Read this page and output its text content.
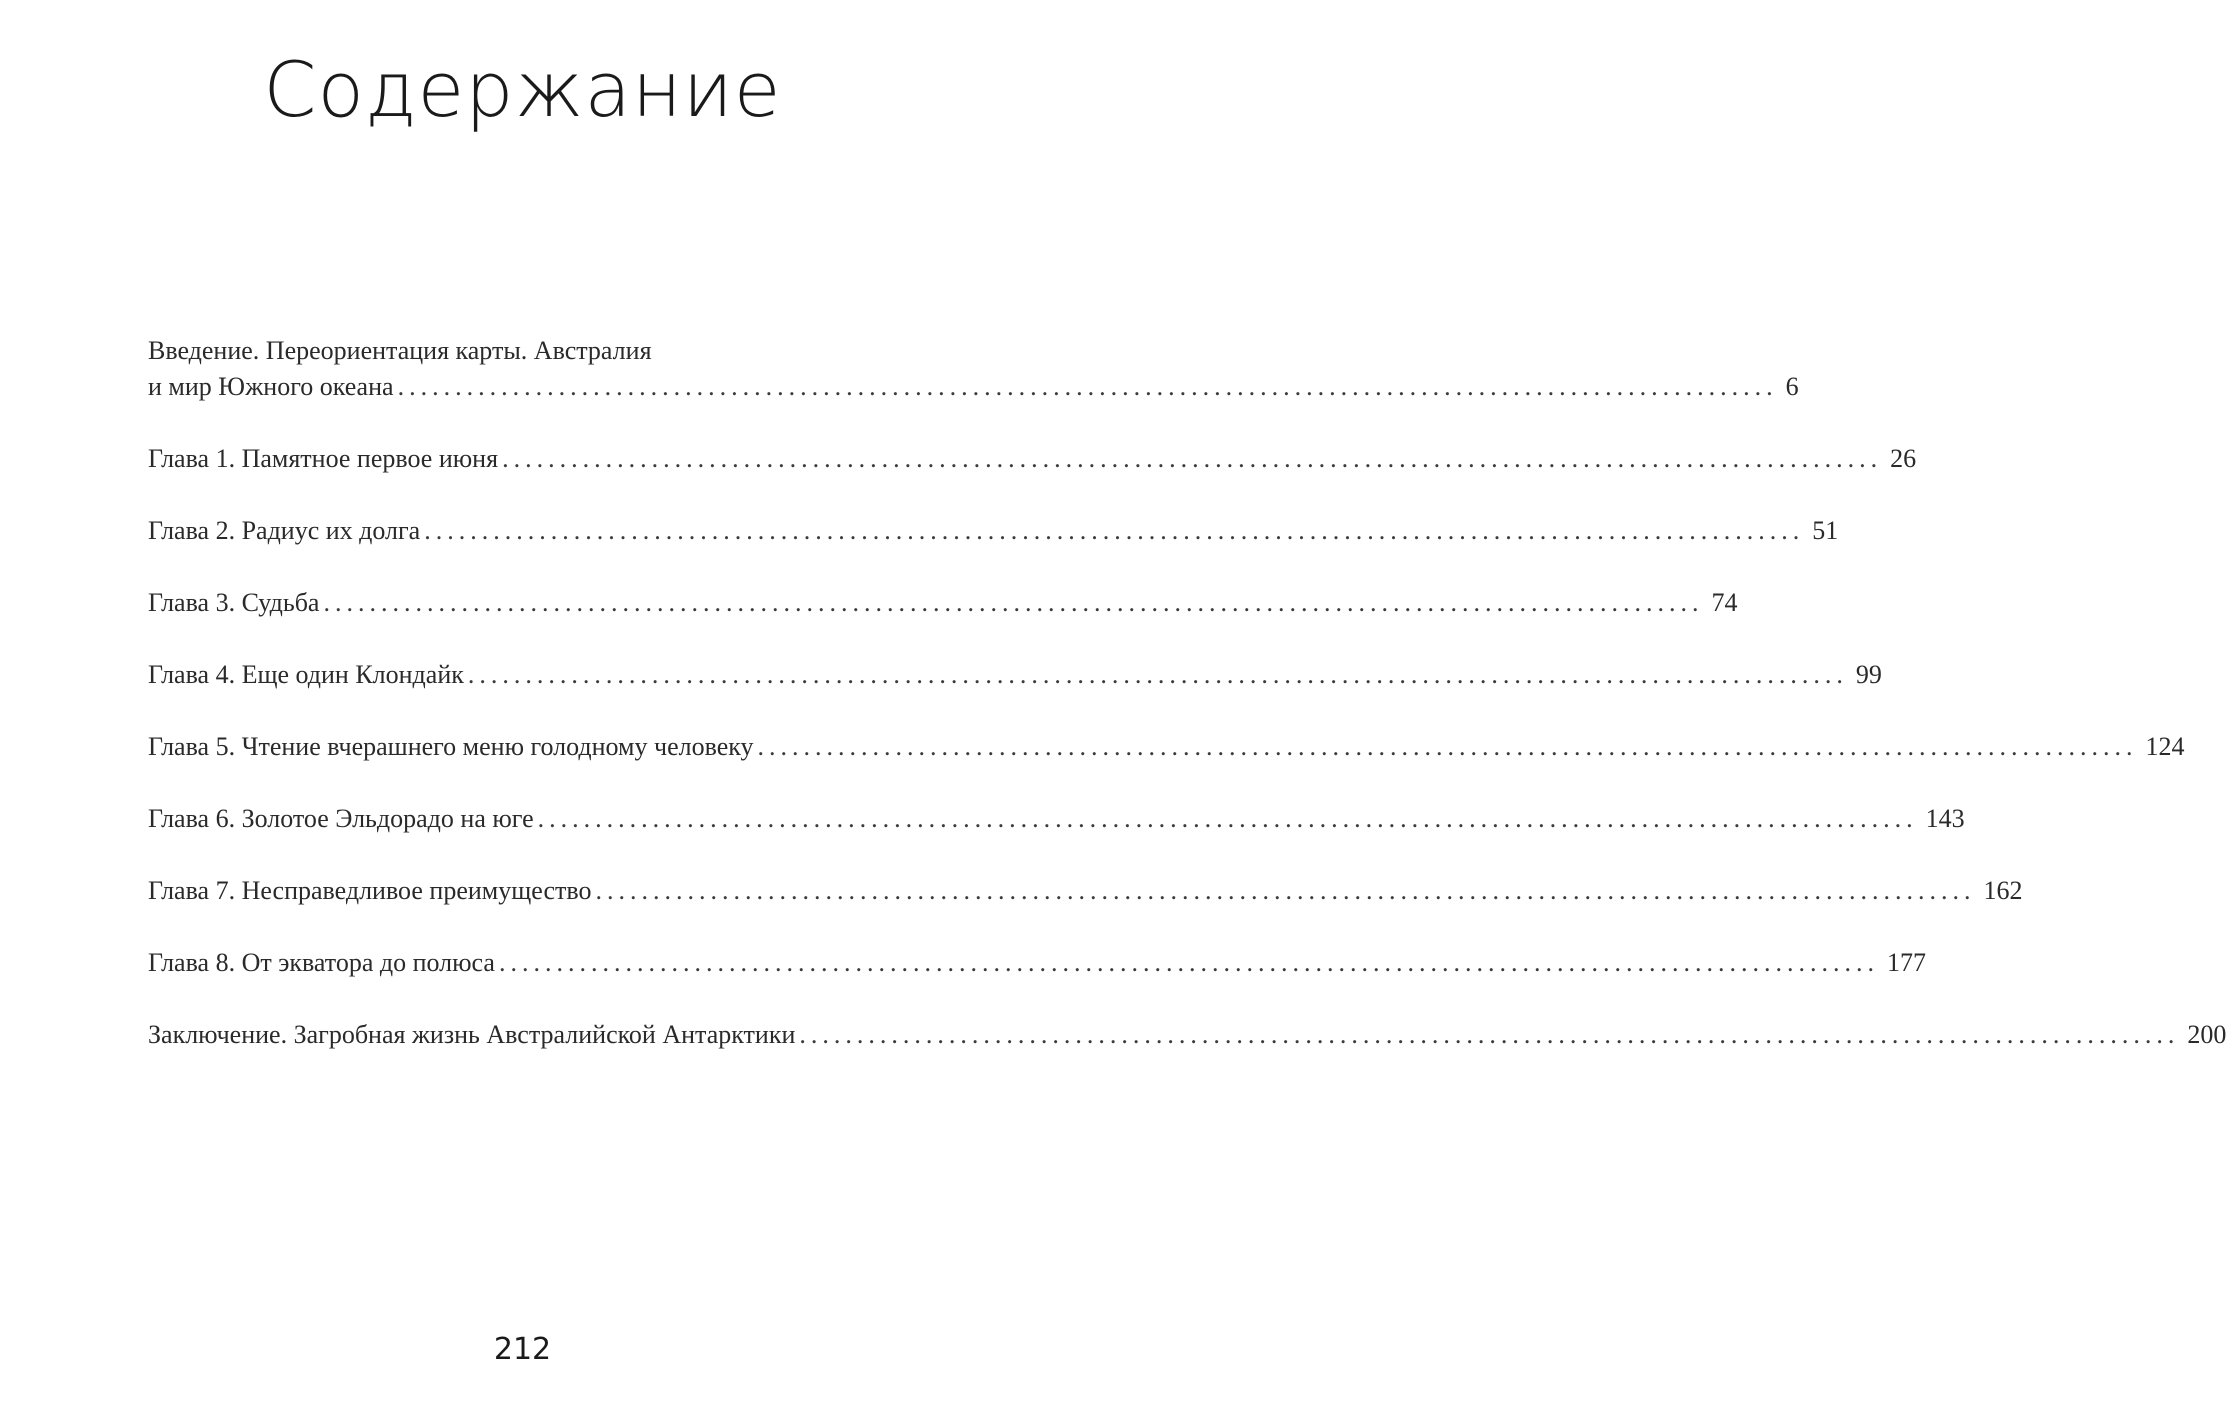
Содержание
Введение. Переориентация карты. Австралия
и мир Южного океана ........................................................................................................................ 6
Глава 1. Памятное первое июня ........................................................................................................................ 26
Глава 2. Радиус их долга ........................................................................................................................ 51
Глава 3. Судьба ........................................................................................................................ 74
Глава 4. Еще один Клондайк ........................................................................................................................ 99
Глава 5. Чтение вчерашнего меню голодному человеку ........................................................................................................................ 124
Глава 6. Золотое Эльдорадо на юге ........................................................................................................................ 143
Глава 7. Несправедливое преимущество ........................................................................................................................ 162
Глава 8. От экватора до полюса ........................................................................................................................ 177
Заключение. Загробная жизнь Австралийской Антарктики ........................................................................................................................ 200
212
